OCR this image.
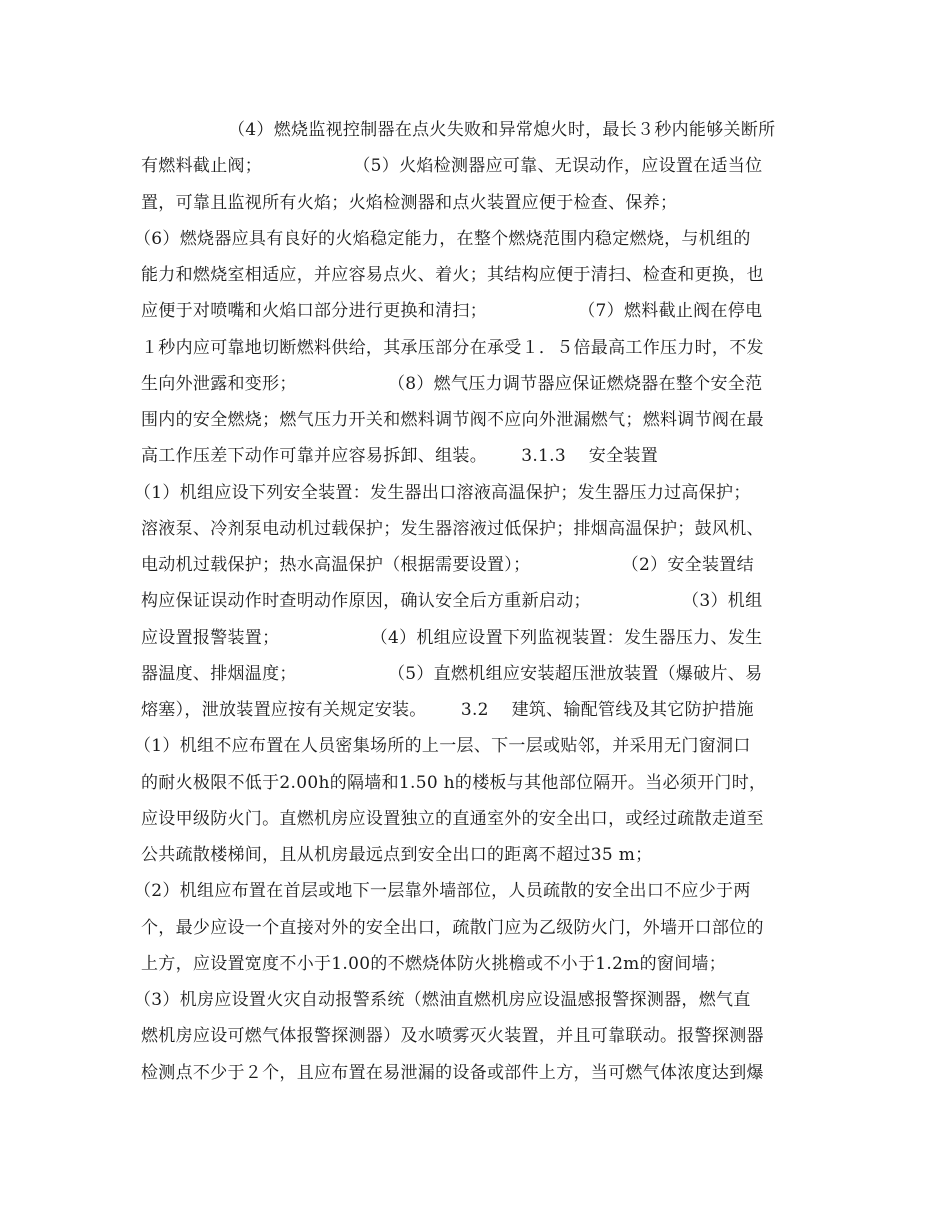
（4）燃烧监视控制器在点火失败和异常熄火时，最长３秒内能够关断所
有燃料截止阀；                （5）火焰检测器应可靠、无误动作，应设置在适当位
置，可靠且监视所有火焰；火焰检测器和点火装置应便于检查、保养；
（6）燃烧器应具有良好的火焰稳定能力，在整个燃烧范围内稳定燃烧，与机组的
能力和燃烧室相适应，并应容易点火、着火；其结构应便于清扫、检查和更换，也
应便于对喷嘴和火焰口部分进行更换和清扫；                （7）燃料截止阀在停电
１秒内应可靠地切断燃料供给，其承压部分在承受１．５倍最高工作压力时，不发
生向外泄露和变形；                （8）燃气压力调节器应保证燃烧器在整个安全范
围内的安全燃烧；燃气压力开关和燃料调节阀不应向外泄漏燃气；燃料调节阀在最
高工作压差下动作可靠并应容易拆卸、组装。      3.1.3    安全装置
（1）机组应设下列安全装置：发生器出口溶液高温保护；发生器压力过高保护；
溶液泵、冷剂泵电动机过载保护；发生器溶液过低保护；排烟高温保护；鼓风机、
电动机过载保护；热水高温保护（根据需要设置）；                （2）安全装置结
构应保证误动作时查明动作原因，确认安全后方重新启动；                （3）机组
应设置报警装置；                （4）机组应设置下列监视装置：发生器压力、发生
器温度、排烟温度；                （5）直燃机组应安装超压泄放装置（爆破片、易
熔塞），泄放装置应按有关规定安装。      3.2    建筑、输配管线及其它防护措施
（1）机组不应布置在人员密集场所的上一层、下一层或贴邻，并采用无门窗洞口
的耐火极限不低于2.00h的隔墙和1.50 h的楼板与其他部位隔开。当必须开门时，
应设甲级防火门。直燃机房应设置独立的直通室外的安全出口，或经过疏散走道至
公共疏散楼梯间，且从机房最远点到安全出口的距离不超过35 m；
（2）机组应布置在首层或地下一层靠外墙部位，人员疏散的安全出口不应少于两
个，最少应设一个直接对外的安全出口，疏散门应为乙级防火门，外墙开口部位的
上方，应设置宽度不小于1.00的不燃烧体防火挑檐或不小于1.2m的窗间墙；
（3）机房应设置火灾自动报警系统（燃油直燃机房应设温感报警探测器，燃气直
燃机房应设可燃气体报警探测器）及水喷雾灭火装置，并且可靠联动。报警探测器
检测点不少于２个，且应布置在易泄漏的设备或部件上方，当可燃气体浓度达到爆
